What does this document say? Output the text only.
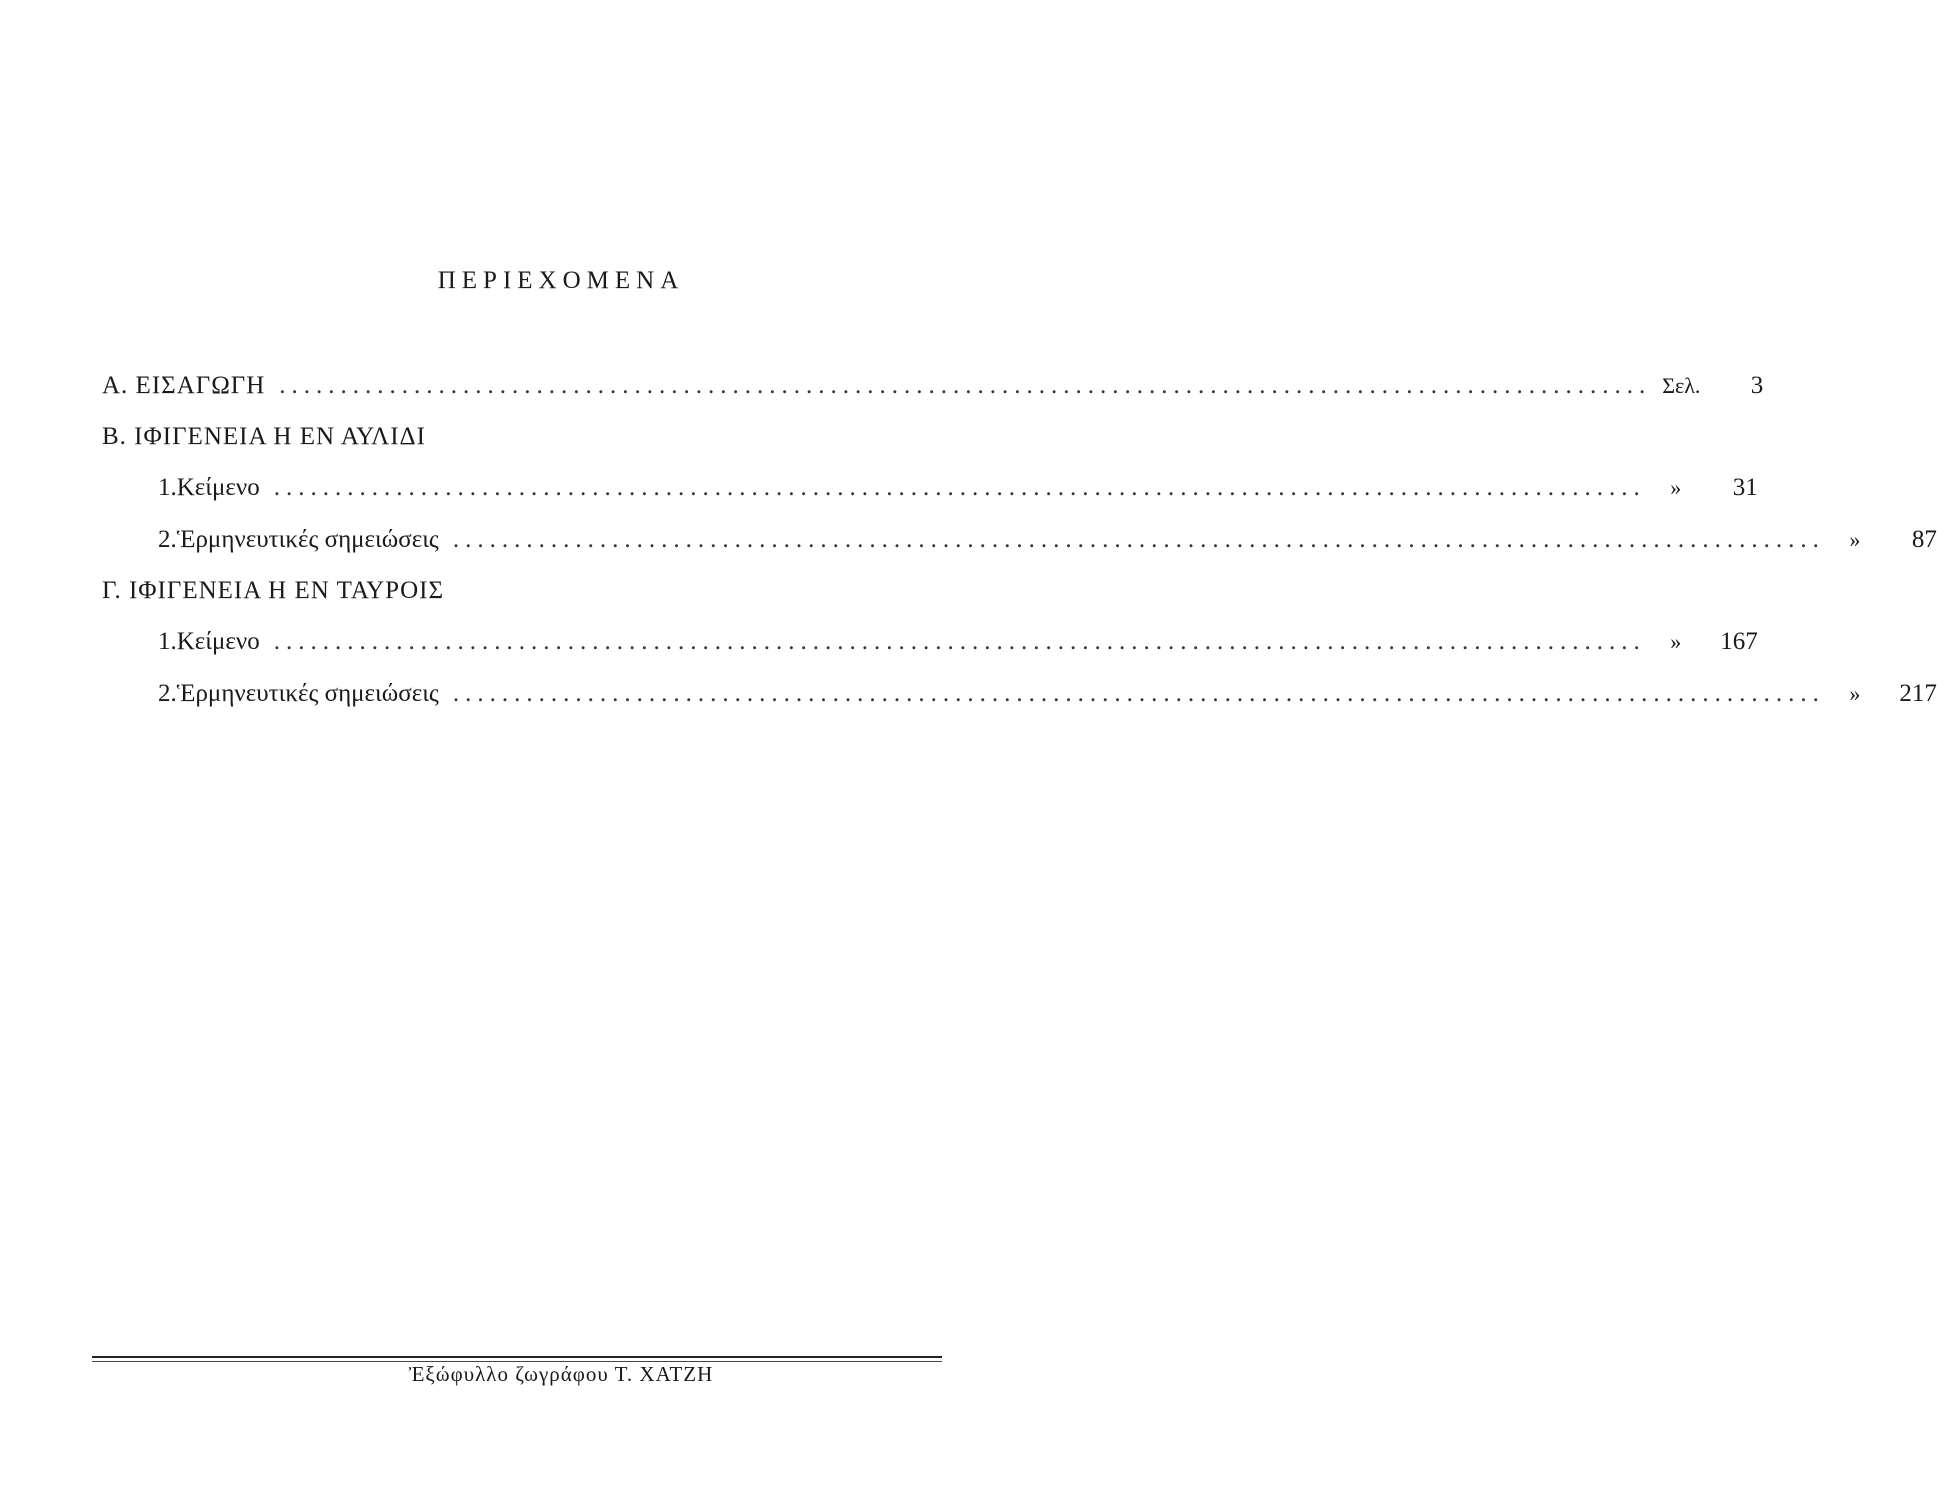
ΠΕΡΙΕΧΟΜΕΝΑ
Α. ΕΙΣΑΓΩΓΗ ................................................................................................................ Σελ.	3
Β. ΙΦΙΓΕΝΕΙΑ Η ΕΝ ΑΥΛΙΔΙ
1. Κείμενο ................................................................................................................	»	31
2. Ἑρμηνευτικές σημειώσεις ................................................................................................................	»	87
Γ. ΙΦΙΓΕΝΕΙΑ Η ΕΝ ΤΑΥΡΟΙΣ
1. Κείμενο ................................................................................................................	»	167
2. Ἑρμηνευτικές σημειώσεις ................................................................................................................	»	217
Ἐξώφυλλο ζωγράφου Τ. ΧΑΤΖΗ
